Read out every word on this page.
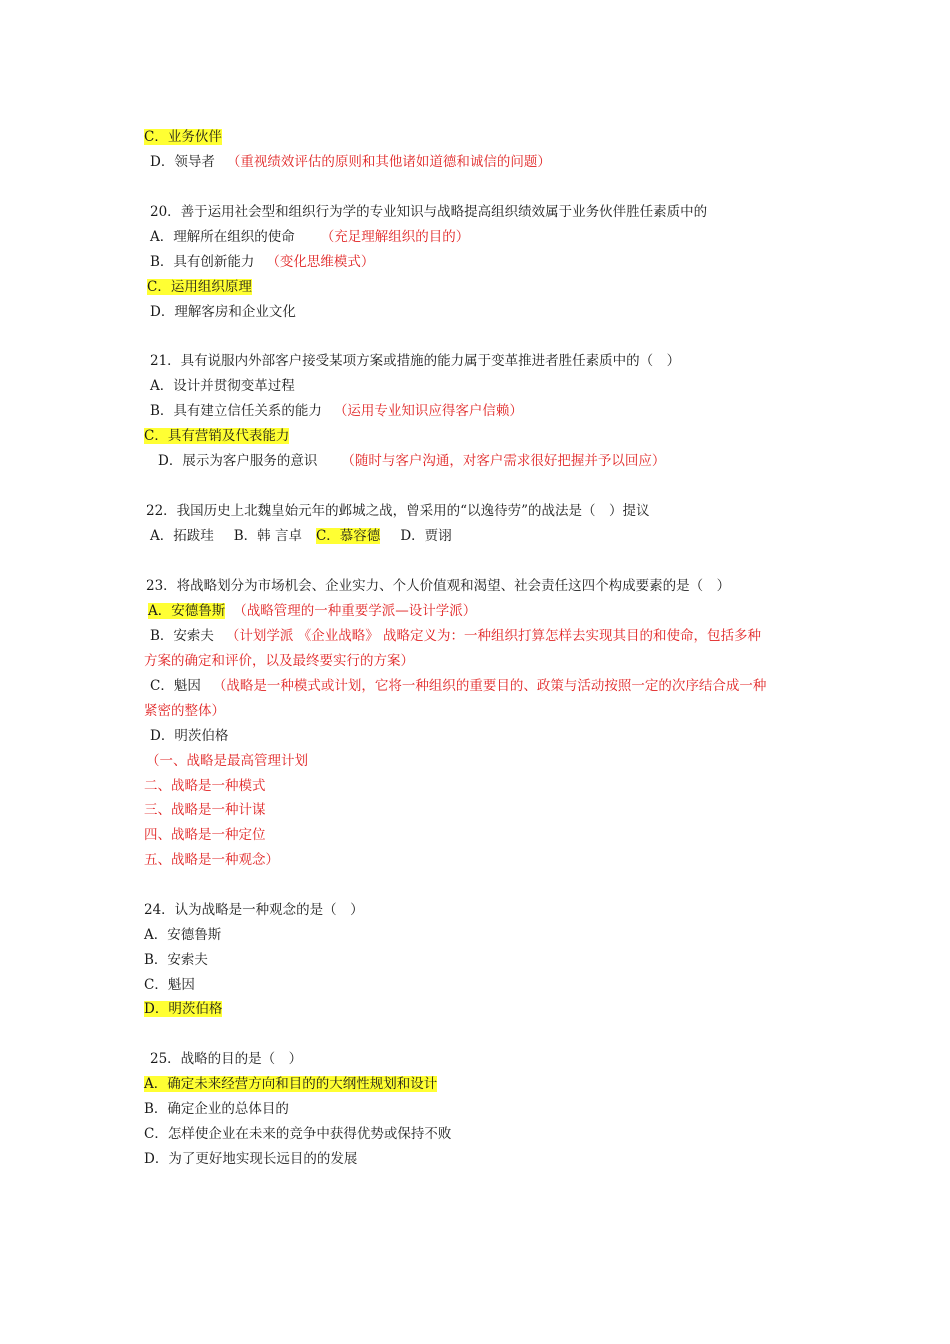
C．业务伙伴
D．领导者 （重视绩效评估的原则和其他诸如道德和诚信的问题）
20．善于运用社会型和组织行为学的专业知识与战略提高组织绩效属于业务伙伴胜任素质中的
A．理解所在组织的使命 （充足理解组织的目的）
B．具有创新能力 （变化思维模式）
C．运用组织原理
D．理解客房和企业文化
21．具有说服内外部客户接受某项方案或措施的能力属于变革推进者胜任素质中的（　）
A．设计并贯彻变革过程
B．具有建立信任关系的能力 （运用专业知识应得客户信赖）
C．具有营销及代表能力
D．展示为客户服务的意识 （随时与客户沟通，对客户需求很好把握并予以回应）
22．我国历史上北魏皇始元年的邺城之战，曾采用的“以逸待劳”的战法是（　）提议
A．拓跋珪 B．韩 言卓 C．慕容德 D．贾诩
23．将战略划分为市场机会、企业实力、个人价值观和渴望、社会责任这四个构成要素的是（　）
A．安德鲁斯 （战略管理的一种重要学派—设计学派）
B．安索夫 （计划学派 《企业战略》 战略定义为：一种组织打算怎样去实现其目的和使命，包括多种
方案的确定和评价，以及最终要实行的方案）
C．魁因 （战略是一种模式或计划，它将一种组织的重要目的、政策与活动按照一定的次序结合成一种
紧密的整体）
D．明茨伯格
（一、战略是最高管理计划
二、战略是一种模式
三、战略是一种计谋
四、战略是一种定位
五、战略是一种观念）
24．认为战略是一种观念的是（　）
A．安德鲁斯
B．安索夫
C．魁因
D．明茨伯格
25．战略的目的是（　）
A．确定未来经营方向和目的的大纲性规划和设计
B．确定企业的总体目的
C．怎样使企业在未来的竞争中获得优势或保持不败
D．为了更好地实现长远目的的发展
